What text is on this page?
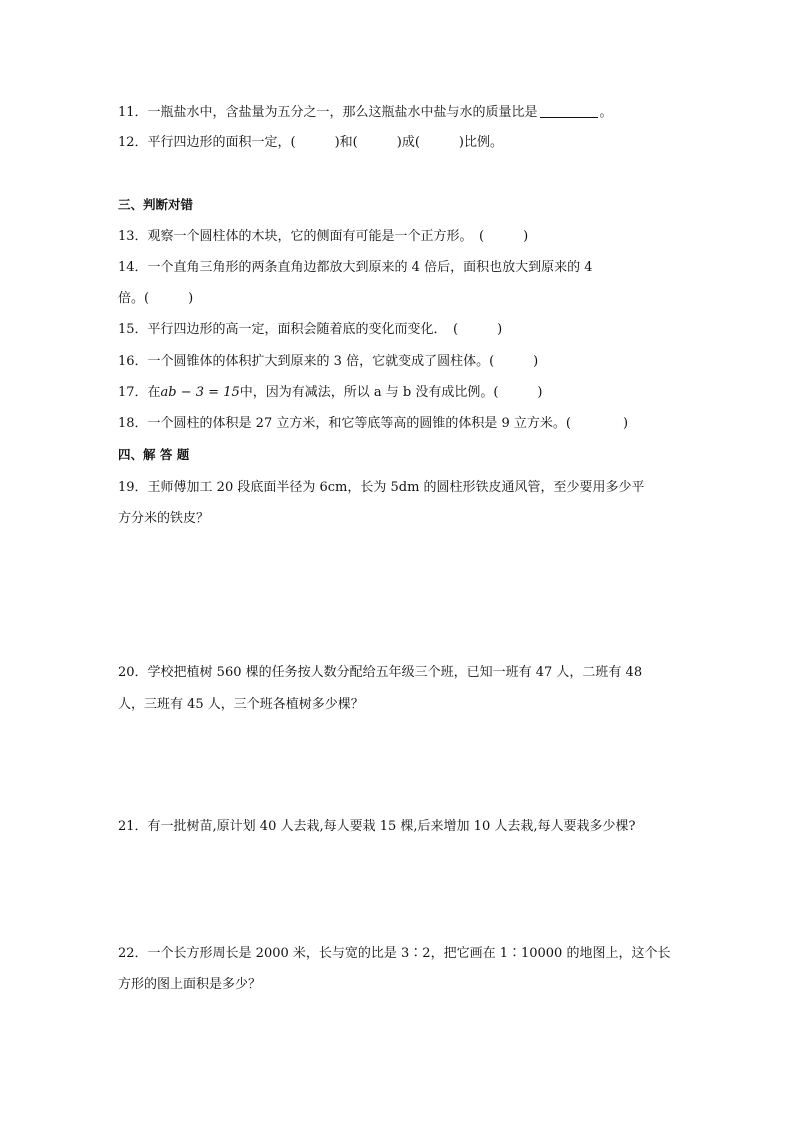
11．一瓶盐水中，含盐量为五分之一，那么这瓶盐水中盐与水的质量比是	。
12．平行四边形的面积一定，(　　　)和(　　　)成(　　　)比例。
三、判断对错
13．观察一个圆柱体的木块，它的侧面有可能是一个正方形。　(　　　)
14．一个直角三角形的两条直角边都放大到原来的 4 倍后，面积也放大到原来的 4
倍。(　　　)
15．平行四边形的高一定，面积会随着底的变化而变化．　(　　　)
16．一个圆锥体的体积扩大到原来的 3 倍，它就变成了圆柱体。(　　　)
17．在ab − 3 = 15中，因为有减法，所以 a 与 b 没有成比例。(　　　)
18．一个圆柱的体积是 27 立方米，和它等底等高的圆锥的体积是 9 立方米。(　　　　)
四、解 答 题
19．王师傅加工 20 段底面半径为 6cm，长为 5dm 的圆柱形铁皮通风管，至少要用多少平
方分米的铁皮？
20．学校把植树 560 棵的任务按人数分配给五年级三个班，已知一班有 47 人，二班有 48
人，三班有 45 人，三个班各植树多少棵？
21．有一批树苗,原计划 40 人去栽,每人要栽 15 棵,后来增加 10 人去栽,每人要栽多少棵?
22．一个长方形周长是 2000 米，长与宽的比是 3∶2，把它画在 1∶10000 的地图上，这个长
方形的图上面积是多少？
